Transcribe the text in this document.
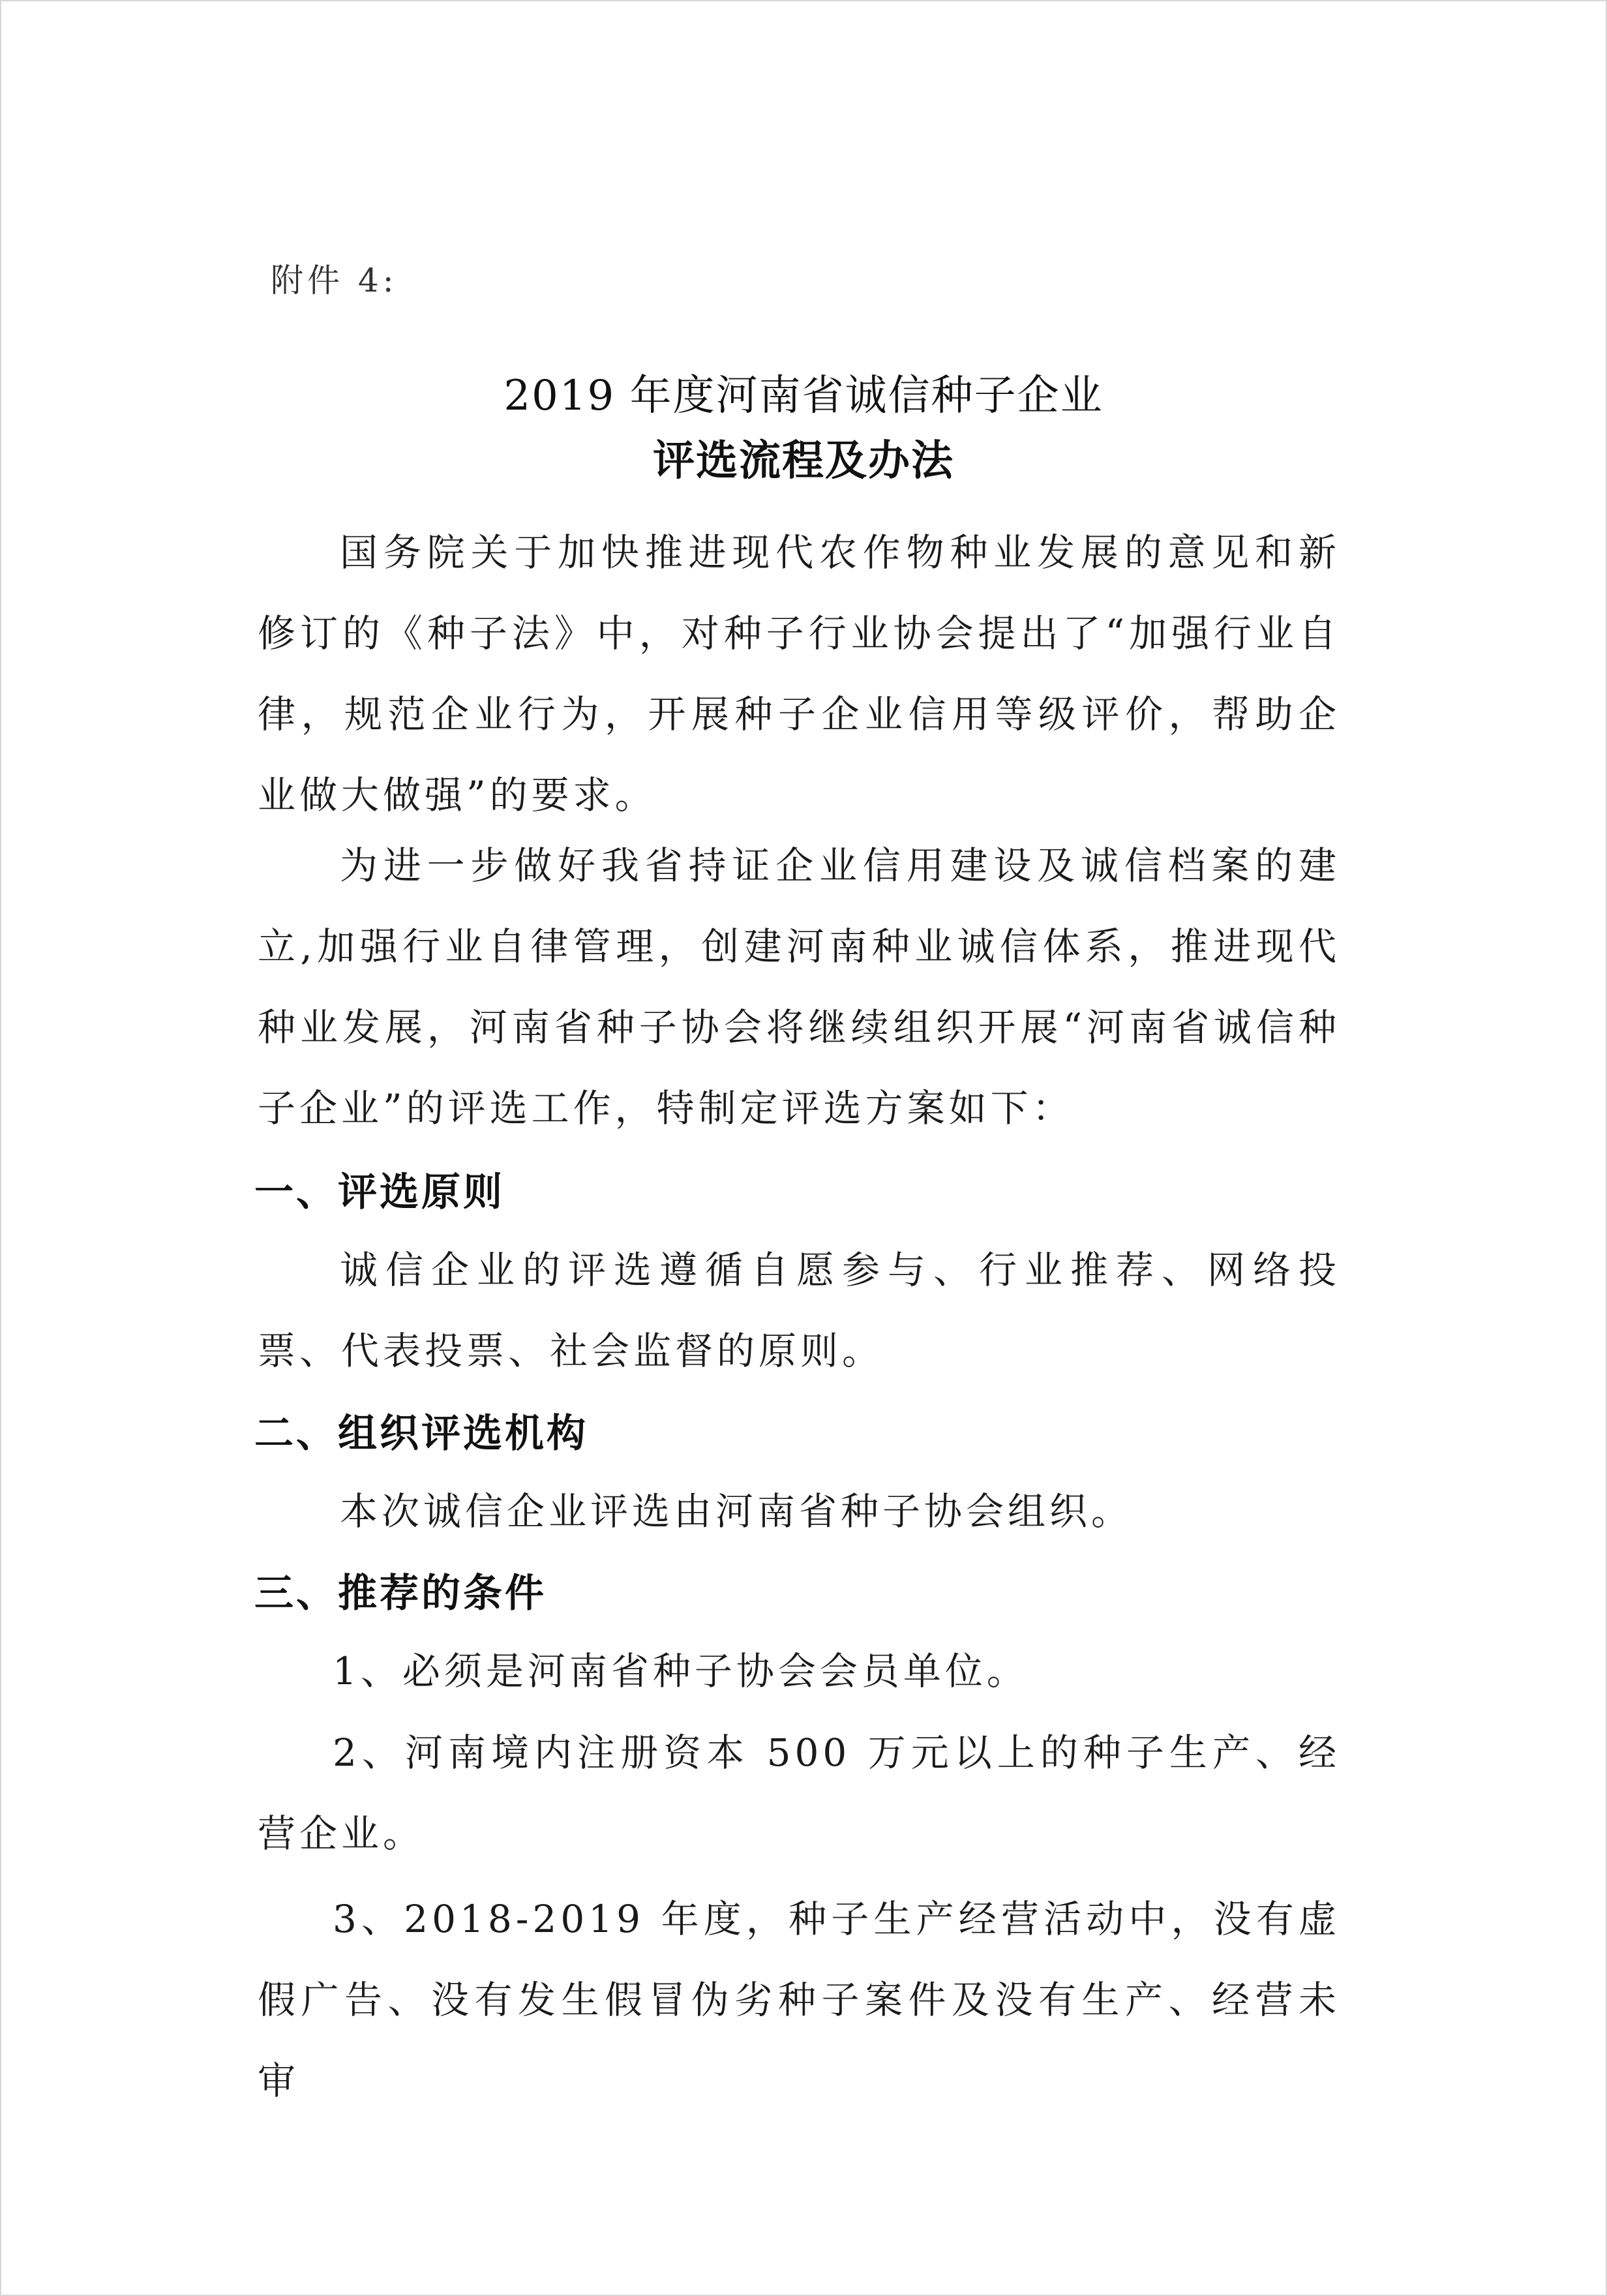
附件 4:
2019 年度河南省诚信种子企业
评选流程及办法

国务院关于加快推进现代农作物种业发展的意见和新修订的《种子法》中，对种子行业协会提出了“加强行业自律，规范企业行为，开展种子企业信用等级评价，帮助企业做大做强”的要求。

为进一步做好我省持证企业信用建设及诚信档案的建立,加强行业自律管理，创建河南种业诚信体系，推进现代种业发展，河南省种子协会将继续组织开展“河南省诚信种子企业”的评选工作，特制定评选方案如下：

一、评选原则

诚信企业的评选遵循自愿参与、行业推荐、网络投票、代表投票、社会监督的原则。

二、组织评选机构

本次诚信企业评选由河南省种子协会组织。

三、推荐的条件

1、必须是河南省种子协会会员单位。

2、河南境内注册资本 500 万元以上的种子生产、经营企业。

3、2018-2019 年度，种子生产经营活动中，没有虚假广告、没有发生假冒伪劣种子案件及没有生产、经营未审
